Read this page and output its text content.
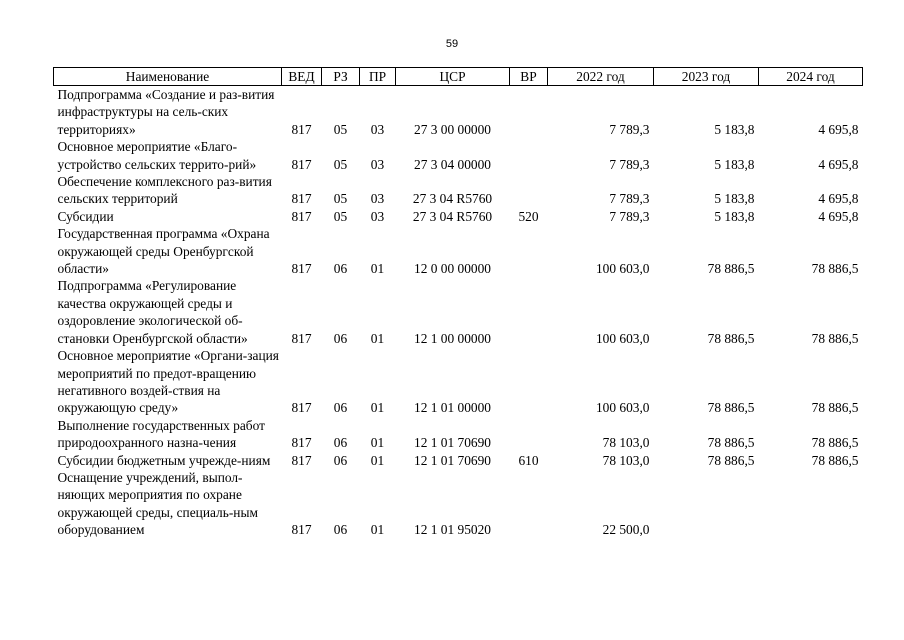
59
Наименование	ВЕД	РЗ	ПР	ЦСР	ВР	2022 год	2023 год	2024 год
Подпрограмма «Создание и раз-вития инфраструктуры на сель-ских территориях»	817	05	03	27 3 00 00000		7 789,3	5 183,8	4 695,8
Основное мероприятие «Благо-устройство сельских террито-рий»	817	05	03	27 3 04 00000		7 789,3	5 183,8	4 695,8
Обеспечение комплексного раз-вития сельских территорий	817	05	03	27 3 04 R5760		7 789,3	5 183,8	4 695,8
Субсидии	817	05	03	27 3 04 R5760	520	7 789,3	5 183,8	4 695,8
Государственная программа «Охрана окружающей среды Оренбургской области»	817	06	01	12 0 00 00000		100 603,0	78 886,5	78 886,5
Подпрограмма «Регулирование качества окружающей среды и оздоровление экологической об-становки Оренбургской области»	817	06	01	12 1 00 00000		100 603,0	78 886,5	78 886,5
Основное мероприятие «Органи-зация мероприятий по предот-вращению негативного воздей-ствия на окружающую среду»	817	06	01	12 1 01 00000		100 603,0	78 886,5	78 886,5
Выполнение государственных работ природоохранного назна-чения	817	06	01	12 1 01 70690		78 103,0	78 886,5	78 886,5
Субсидии бюджетным учрежде-ниям	817	06	01	12 1 01 70690	610	78 103,0	78 886,5	78 886,5
Оснащение учреждений, выпол-няющих мероприятия по охране окружающей среды, специаль-ным оборудованием	817	06	01	12 1 01 95020		22 500,0		
